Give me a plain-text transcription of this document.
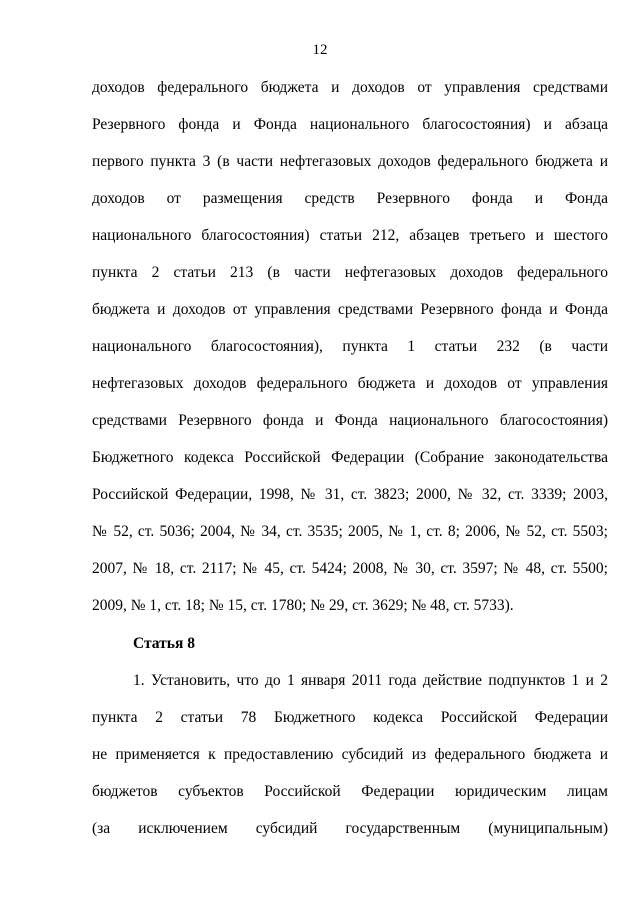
12
доходов федерального бюджета и доходов от управления средствами
Резервного фонда и Фонда национального благосостояния) и абзаца
первого пункта 3 (в части нефтегазовых доходов федерального бюджета и
доходов от размещения средств Резервного фонда и Фонда
национального благосостояния) статьи 212, абзацев третьего и шестого
пункта 2 статьи 213 (в части нефтегазовых доходов федерального
бюджета и доходов от управления средствами Резервного фонда и Фонда
национального благосостояния), пункта 1 статьи 232 (в части
нефтегазовых доходов федерального бюджета и доходов от управления
средствами Резервного фонда и Фонда национального благосостояния)
Бюджетного кодекса Российской Федерации (Собрание законодательства
Российской Федерации, 1998, № 31, ст. 3823; 2000, № 32, ст. 3339; 2003,
№ 52, ст. 5036; 2004, № 34, ст. 3535; 2005, № 1, ст. 8; 2006, № 52, ст. 5503;
2007, № 18, ст. 2117; № 45, ст. 5424; 2008, № 30, ст. 3597; № 48, ст. 5500;
2009, № 1, ст. 18; № 15, ст. 1780; № 29, ст. 3629; № 48, ст. 5733).
Статья 8
1. Установить, что до 1 января 2011 года действие подпунктов 1 и 2
пункта 2 статьи 78 Бюджетного кодекса Российской Федерации
не применяется к предоставлению субсидий из федерального бюджета и
бюджетов субъектов Российской Федерации юридическим лицам
(за исключением субсидий государственным (муниципальным)
